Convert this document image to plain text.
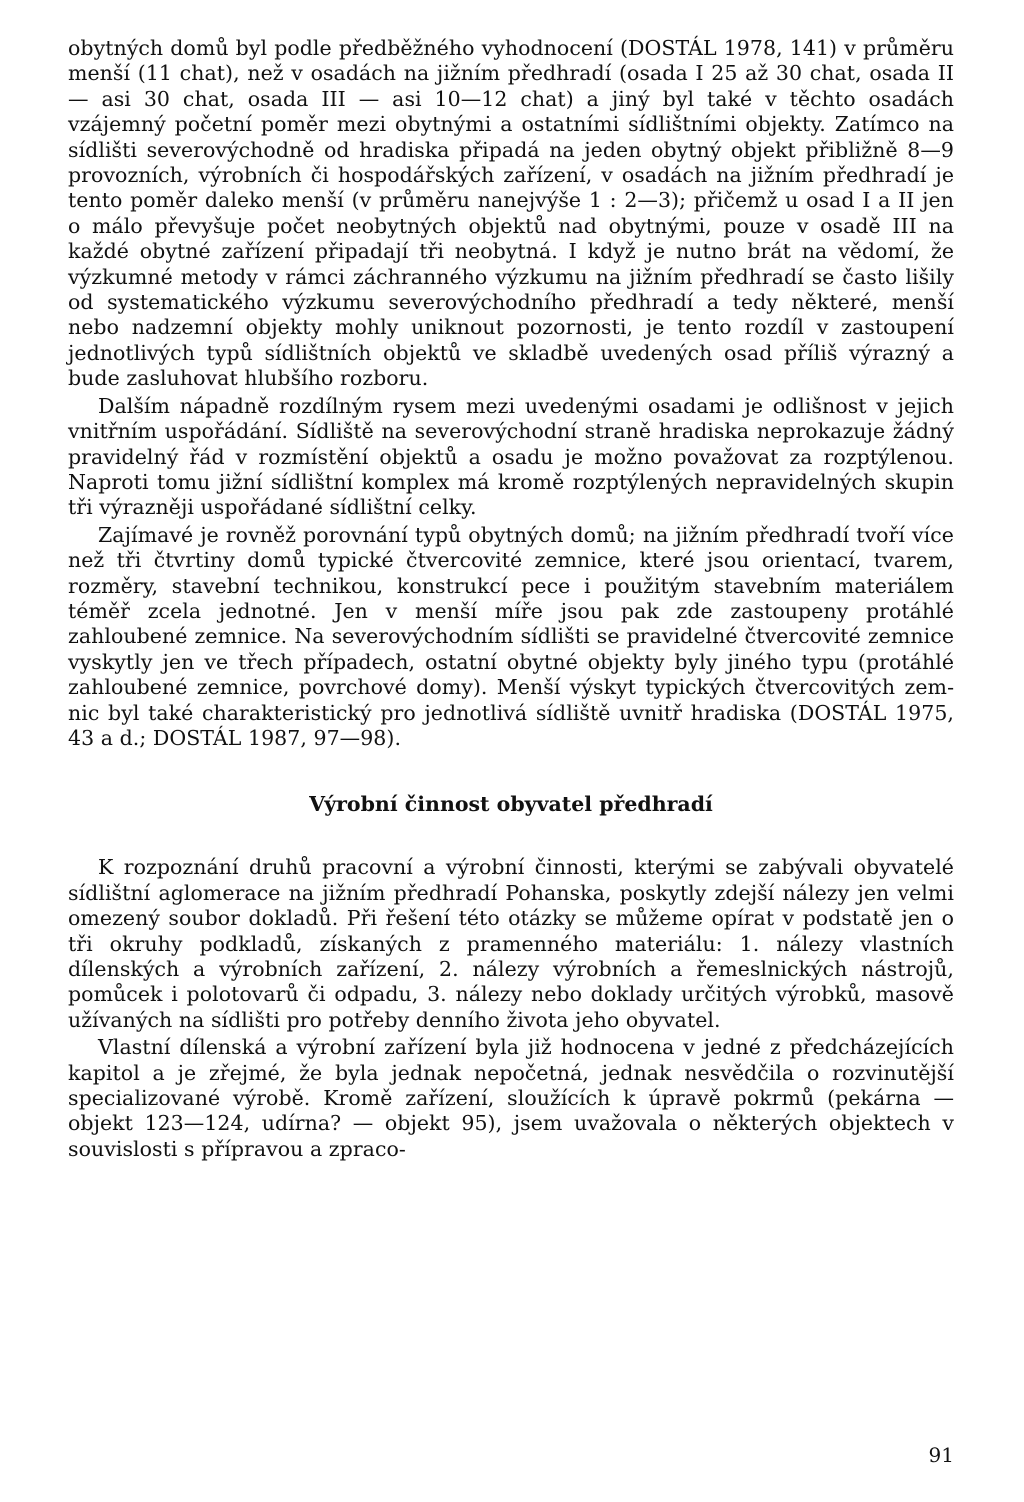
obytných domů byl podle předběžného vyhodnocení (DOSTÁL 1978, 141) v průměru menší (11 chat), než v osadách na jižním předhradí (osada I 25 až 30 chat, osada II — asi 30 chat, osada III — asi 10—12 chat) a jiný byl také v těchto osadách vzájemný početní poměr mezi obytnými a ostatními sídlištními objekty. Zatímco na sídlišti severovýchodně od hradiska připadá na jeden obytný objekt přibližně 8—9 provozních, výrobních či hospodářských zařízení, v osadách na jižním předhradí je tento poměr daleko menší (v průměru nanejvýše 1 : 2—3); přičemž u osad I a II jen o málo převyšuje počet neobytných objektů nad obytnými, pouze v osadě III na každé obytné zařízení připadají tři neobytná. I když je nutno brát na vědomí, že výzkumné metody v rámci záchranného výzkumu na jižním předhradí se často lišily od systematického výzkumu severovýchodního předhradí a tedy některé, menší nebo nadzemní objekty mohly uniknout pozornosti, je tento rozdíl v zastoupení jednotlivých typů sídlištních objektů ve skladbě uvedených osad příliš výrazný a bude zasluhovat hlubšího rozboru.

Dalším nápadně rozdílným rysem mezi uvedenými osadami je odlišnost v jejich vnitřním uspořádání. Sídliště na severovýchodní straně hradiska neprokazuje žádný pravidelný řád v rozmístění objektů a osadu je možno považovat za rozptýlenou. Naproti tomu jižní sídlištní komplex má kromě rozptýlených nepravidelných skupin tři výrazněji uspořádané sídlištní celky.

Zajímavé je rovněž porovnání typů obytných domů; na jižním předhradí tvoří více než tři čtvrtiny domů typické čtvercovité zemnice, které jsou orientací, tvarem, rozměry, stavební technikou, konstrukcí pece i použitým stavebním materiálem téměř zcela jednotné. Jen v menší míře jsou pak zde zastoupeny protáhlé zahloubené zemnice. Na severovýchodním sídlišti se pravidelné čtvercovité zemnice vyskytly jen ve třech případech, ostatní obytné objekty byly jiného typu (protáhlé zahloubené zemnice, povrchové domy). Menší výskyt typických čtvercovitých zemnic byl také charakteristický pro jednotlivá sídliště uvnitř hradiska (DOSTÁL 1975, 43 a d.; DOSTÁL 1987, 97—98).

Výrobní činnost obyvatel předhradí

K rozpoznání druhů pracovní a výrobní činnosti, kterými se zabývali obyvatelé sídlištní aglomerace na jižním předhradí Pohanska, poskytly zdejší nálezy jen velmi omezený soubor dokladů. Při řešení této otázky se můžeme opírat v podstatě jen o tři okruhy podkladů, získaných z pramenného materiálu: 1. nálezy vlastních dílenských a výrobních zařízení, 2. nálezy výrobních a řemeslnických nástrojů, pomůcek i polotovarů či odpadu, 3. nálezy nebo doklady určitých výrobků, masově užívaných na sídlišti pro potřeby denního života jeho obyvatel.

Vlastní dílenská a výrobní zařízení byla již hodnocena v jedné z předcházejících kapitol a je zřejmé, že byla jednak nepočetná, jednak nesvědčila o rozvinutější specializované výrobě. Kromě zařízení, sloužících k úpravě pokrmů (pekárna — objekt 123—124, udírna? — objekt 95), jsem uvažovala o některých objektech v souvislosti s přípravou a zpraco-

91
